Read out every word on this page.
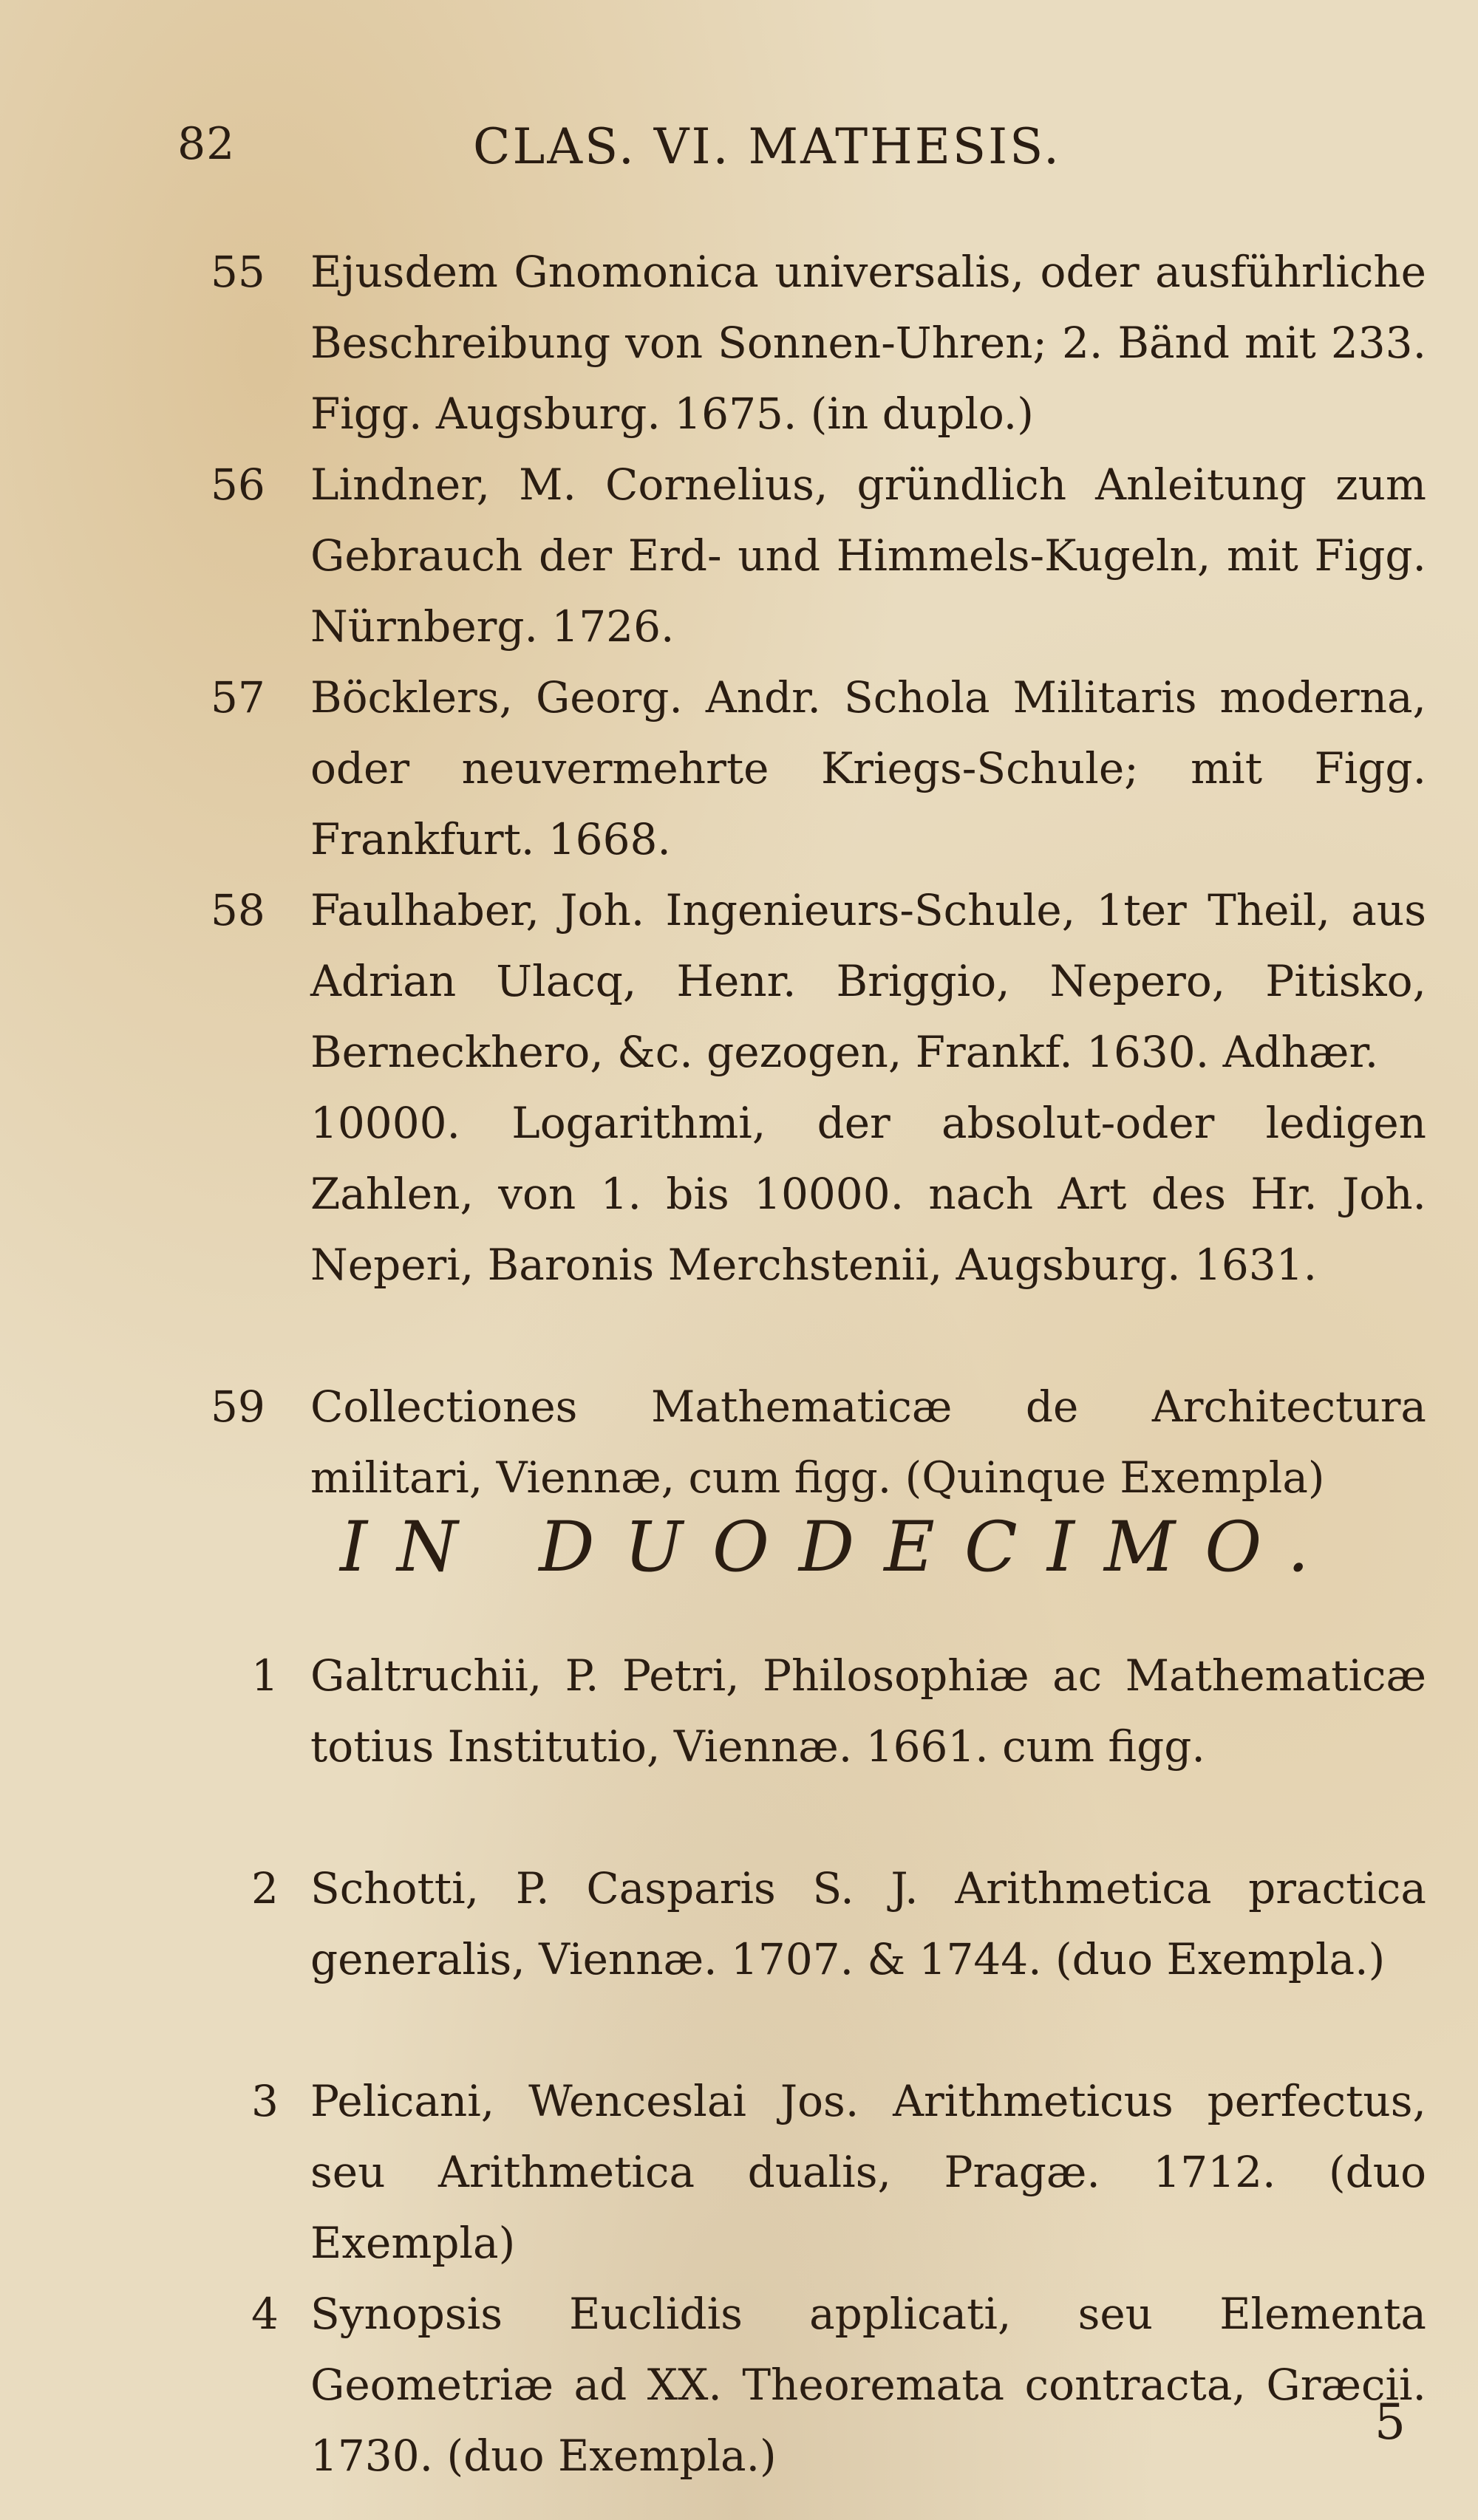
82	CLAS. VI. MATHESIS.
55 Ejusdem Gnomonica universalis, oder ausführliche Beschreibung von Sonnen-Uhren; 2. Bänd mit 233. Figg. Augsburg. 1675. (in duplo.)
56 Lindner, M. Cornelius, gründlich Anleitung zum Gebrauch der Erd- und Himmels-Kugeln, mit Figg. Nürnberg. 1726.
57 Böcklers, Georg. Andr. Schola Militaris moderna, oder neuvermehrte Kriegs-Schule; mit Figg. Frankfurt. 1668.
58 Faulhaber, Joh. Ingenieurs-Schule, 1ter Theil, aus Adrian Ulacq, Henr. Briggio, Nepero, Pitisko, Berneckhero, &c. gezogen, Frankf. 1630. Adhær.
10000. Logarithmi, der absolut-oder ledigen Zahlen, von 1. bis 10000. nach Art des Hr. Joh. Neperi, Baronis Merchstenii, Augsburg. 1631.
59 Collectiones Mathematicæ de Architectura militari, Viennæ, cum figg. (Quinque Exempla)
IN DUODECIMO.
1 Galtruchii, P. Petri, Philosophiæ ac Mathematicæ totius Institutio, Viennæ. 1661. cum figg.
2 Schotti, P. Casparis S. J. Arithmetica practica generalis, Viennæ. 1707. & 1744. (duo Exempla.)
3 Pelicani, Wenceslai Jos. Arithmeticus perfectus, seu Arithmetica dualis, Pragæ. 1712. (duo Exempla)
4 Synopsis Euclidis applicati, seu Elementa Geometriæ ad XX. Theoremata contracta, Græcii. 1730. (duo Exempla.)
5
